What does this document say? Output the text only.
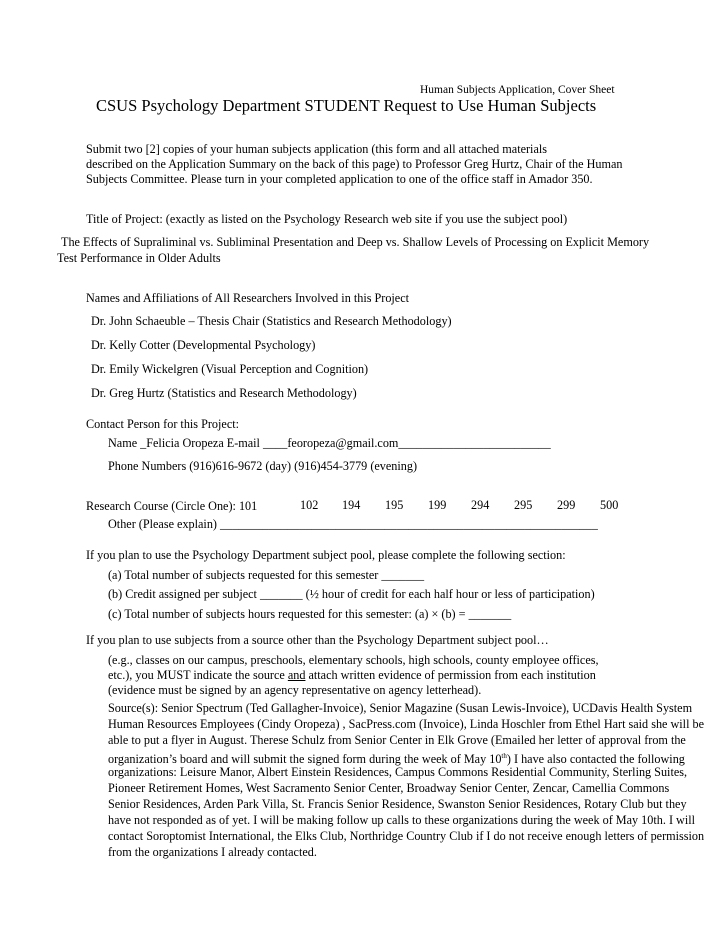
Human Subjects Application, Cover Sheet
CSUS Psychology Department STUDENT Request to Use Human Subjects
Submit two [2] copies of your human subjects application (this form and all attached materials
described on the Application Summary on the back of this page) to Professor Greg Hurtz, Chair of the Human
Subjects Committee. Please turn in your completed application to one of the office staff in Amador 350.
Title of Project: (exactly as listed on the Psychology Research web site if you use the subject pool)
The Effects of Supraliminal vs. Subliminal Presentation and Deep vs. Shallow Levels of Processing on Explicit Memory
Test Performance in Older Adults
Names and Affiliations of All Researchers Involved in this Project
Dr. John Schaeuble – Thesis Chair (Statistics and Research Methodology)
Dr. Kelly Cotter (Developmental Psychology)
Dr. Emily Wickelgren (Visual Perception and Cognition)
Dr. Greg Hurtz (Statistics and Research Methodology)
Contact Person for this Project:
Name _Felicia Oropeza E-mail ____feoropeza@gmail.com_________________________
Phone Numbers (916)616-9672 (day) (916)454-3779 (evening)
Research Course (Circle One): 101	102 194 195 199 294 295 299 500
Other (Please explain) ______________________________________________________________
If you plan to use the Psychology Department subject pool, please complete the following section:
(a) Total number of subjects requested for this semester _______
(b) Credit assigned per subject _______ (½ hour of credit for each half hour or less of participation)
(c) Total number of subjects hours requested for this semester: (a) × (b) = _______
If you plan to use subjects from a source other than the Psychology Department subject pool…
(e.g., classes on our campus, preschools, elementary schools, high schools, county employee offices,
etc.), you MUST indicate the source and attach written evidence of permission from each institution
(evidence must be signed by an agency representative on agency letterhead).
Source(s): Senior Spectrum (Ted Gallagher-Invoice), Senior Magazine (Susan Lewis-Invoice), UCDavis Health System
Human Resources Employees (Cindy Oropeza) , SacPress.com (Invoice), Linda Hoschler from Ethel Hart said she will be
able to put a flyer in August. Therese Schulz from Senior Center in Elk Grove (Emailed her letter of approval from the
organization’s board and will submit the signed form during the week of May 10th) I have also contacted the following
organizations: Leisure Manor, Albert Einstein Residences, Campus Commons Residential Community, Sterling Suites,
Pioneer Retirement Homes, West Sacramento Senior Center, Broadway Senior Center, Zencar, Camellia Commons
Senior Residences, Arden Park Villa, St. Francis Senior Residence, Swanston Senior Residences, Rotary Club but they
have not responded as of yet. I will be making follow up calls to these organizations during the week of May 10th. I will
contact Soroptomist International, the Elks Club, Northridge Country Club if I do not receive enough letters of permission
from the organizations I already contacted.
